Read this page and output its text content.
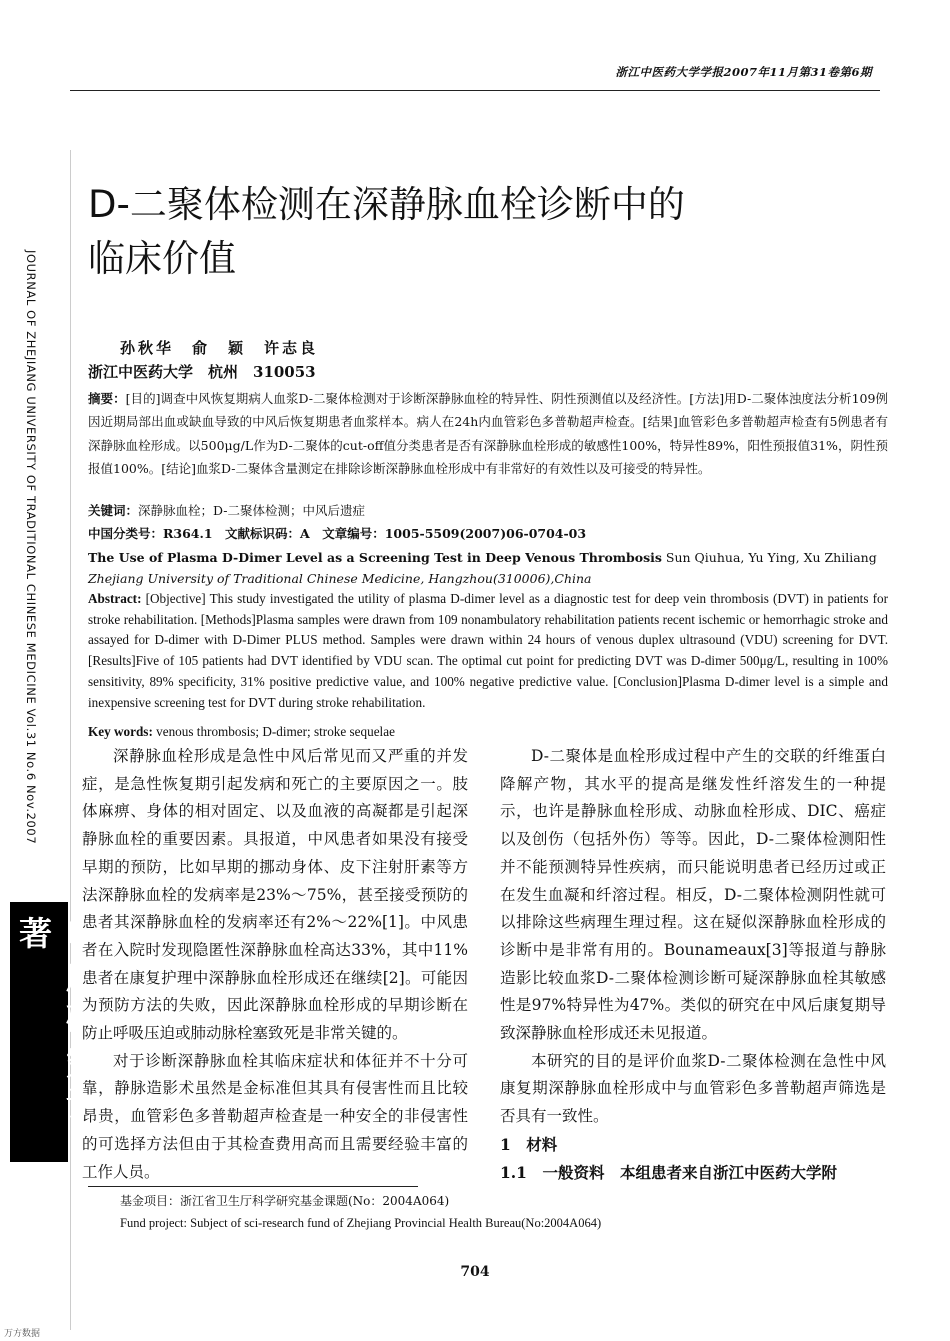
浙江中医药大学学报2007年11月第31卷第6期
JOURNAL OF ZHEJIANG UNIVERSITY OF TRADITIONAL CHINESE MEDICINE Vol.31 No.6 Nov.2007
临床研究论著
D-二聚体检测在深静脉血栓诊断中的
临床价值
孙秋华　俞　颖　许志良
浙江中医药大学　杭州　310053
摘要：[目的]调查中风恢复期病人血浆D-二聚体检测对于诊断深静脉血栓的特异性、阴性预测值以及经济性。[方法]用D-二聚体浊度法分析109例因近期局部出血或缺血导致的中风后恢复期患者血浆样本。病人在24h内血管彩色多普勒超声检查。[结果]血管彩色多普勒超声检查有5例患者有深静脉血栓形成。以500μg/L作为D-二聚体的cut-off值分类患者是否有深静脉血栓形成的敏感性100%，特异性89%，阳性预报值31%，阴性预报值100%。[结论]血浆D-二聚体含量测定在排除诊断深静脉血栓形成中有非常好的有效性以及可接受的特异性。
关键词：深静脉血栓；D-二聚体检测；中风后遗症
中国分类号：R364.1　文献标识码：A　文章编号：1005-5509(2007)06-0704-03
The Use of Plasma D-Dimer Level as a Screening Test in Deep Venous Thrombosis Sun Qiuhua, Yu Ying, Xu Zhiliang Zhejiang University of Traditional Chinese Medicine, Hangzhou(310006),China
Abstract: [Objective] This study investigated the utility of plasma D-dimer level as a diagnostic test for deep vein thrombosis (DVT) in patients for stroke rehabilitation. [Methods]Plasma samples were drawn from 109 nonambulatory rehabilitation patients recent ischemic or hemorrhagic stroke and assayed for D-dimer with D-Dimer PLUS method. Samples were drawn within 24 hours of venous duplex ultrasound (VDU) screening for DVT. [Results]Five of 105 patients had DVT identified by VDU scan. The optimal cut point for predicting DVT was D-dimer 500μg/L, resulting in 100% sensitivity, 89% specificity, 31% positive predictive value, and 100% negative predictive value. [Conclusion]Plasma D-dimer level is a simple and inexpensive screening test for DVT during stroke rehabilitation.
Key words: venous thrombosis; D-dimer; stroke sequelae

深静脉血栓形成是急性中风后常见而又严重的并发症，是急性恢复期引起发病和死亡的主要原因之一。肢体麻痹、身体的相对固定、以及血液的高凝都是引起深静脉血栓的重要因素。具报道，中风患者如果没有接受早期的预防，比如早期的挪动身体、皮下注射肝素等方法深静脉血栓的发病率是23%～75%，甚至接受预防的患者其深静脉血栓的发病率还有2%～22%[1]。中风患者在入院时发现隐匿性深静脉血栓高达33%，其中11%患者在康复护理中深静脉血栓形成还在继续[2]。可能因为预防方法的失败，因此深静脉血栓形成的早期诊断在防止呼吸压迫或肺动脉栓塞致死是非常关键的。

对于诊断深静脉血栓其临床症状和体征并不十分可靠，静脉造影术虽然是金标准但其具有侵害性而且比较昂贵，血管彩色多普勒超声检查是一种安全的非侵害性的可选择方法但由于其检查费用高而且需要经验丰富的工作人员。

D-二聚体是血栓形成过程中产生的交联的纤维蛋白降解产物，其水平的提高是继发性纤溶发生的一种提示，也许是静脉血栓形成、动脉血栓形成、DIC、癌症以及创伤（包括外伤）等等。因此，D-二聚体检测阳性并不能预测特异性疾病，而只能说明患者已经历过或正在发生血凝和纤溶过程。相反，D-二聚体检测阴性就可以排除这些病理生理过程。这在疑似深静脉血栓形成的诊断中是非常有用的。Bounameaux[3]等报道与静脉造影比较血浆D-二聚体检测诊断可疑深静脉血栓其敏感性是97%特异性为47%。类似的研究在中风后康复期导致深静脉血栓形成还未见报道。

本研究的目的是评价血浆D-二聚体检测在急性中风康复期深静脉血栓形成中与血管彩色多普勒超声筛选是否具有一致性。

1　材料

1.1　一般资料　本组患者来自浙江中医药大学附

基金项目：浙江省卫生厅科学研究基金课题(No：2004A064)
Fund project: Subject of sci-research fund of Zhejiang Provincial Health Bureau(No:2004A064)
704
万方数据
